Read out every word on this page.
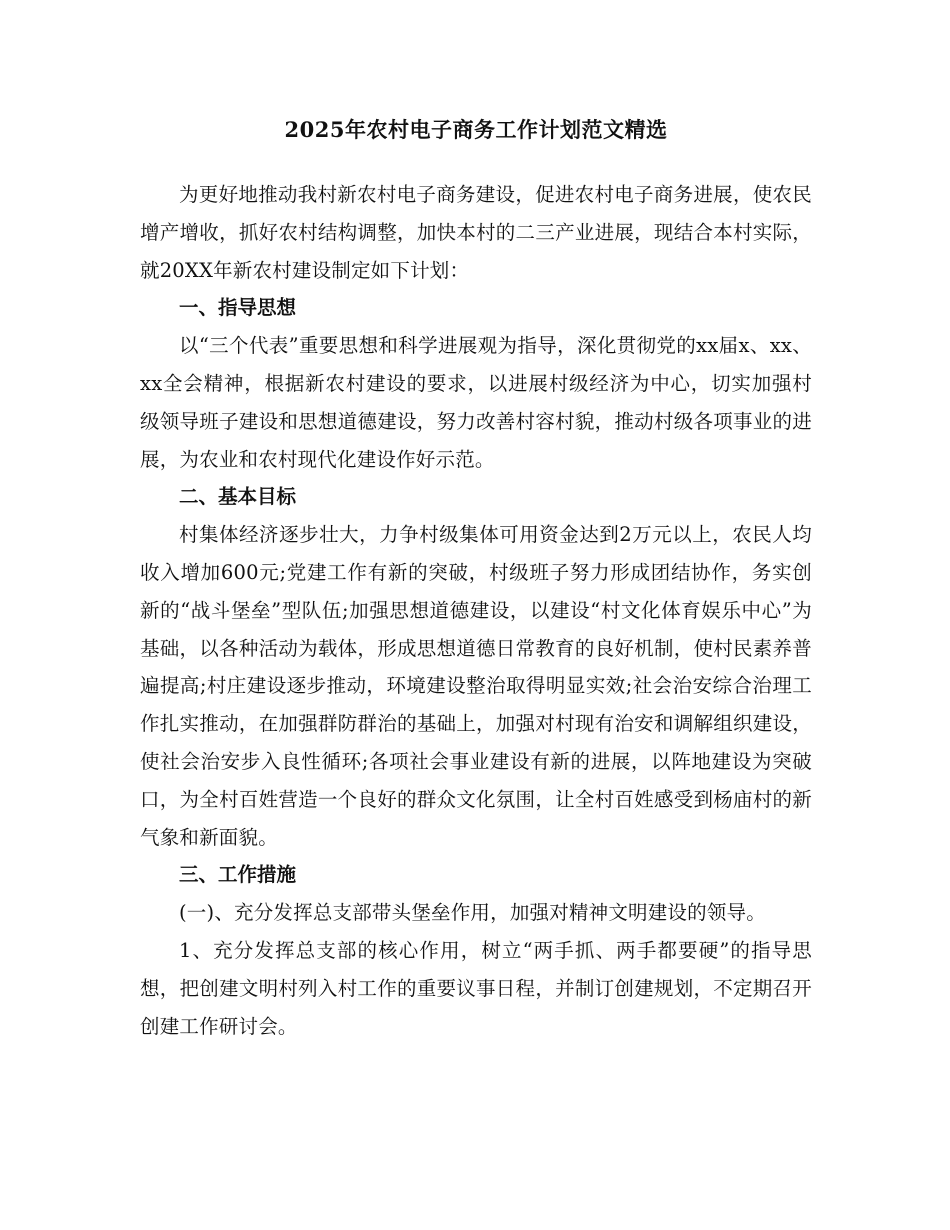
2025年农村电子商务工作计划范文精选

为更好地推动我村新农村电子商务建设，促进农村电子商务进展，使农民增产增收，抓好农村结构调整，加快本村的二三产业进展，现结合本村实际，就20XX年新农村建设制定如下计划：

一、指导思想

以“三个代表”重要思想和科学进展观为指导，深化贯彻党的xx届x、xx、xx全会精神，根据新农村建设的要求，以进展村级经济为中心，切实加强村级领导班子建设和思想道德建设，努力改善村容村貌，推动村级各项事业的进展，为农业和农村现代化建设作好示范。

二、基本目标

村集体经济逐步壮大，力争村级集体可用资金达到2万元以上，农民人均收入增加600元;党建工作有新的突破，村级班子努力形成团结协作，务实创新的“战斗堡垒”型队伍;加强思想道德建设，以建设“村文化体育娱乐中心”为基础，以各种活动为载体，形成思想道德日常教育的良好机制，使村民素养普遍提高;村庄建设逐步推动，环境建设整治取得明显实效;社会治安综合治理工作扎实推动，在加强群防群治的基础上，加强对村现有治安和调解组织建设，使社会治安步入良性循环;各项社会事业建设有新的进展，以阵地建设为突破口，为全村百姓营造一个良好的群众文化氛围，让全村百姓感受到杨庙村的新气象和新面貌。

三、工作措施

(一)、充分发挥总支部带头堡垒作用，加强对精神文明建设的领导。

1、充分发挥总支部的核心作用，树立“两手抓、两手都要硬”的指导思想，把创建文明村列入村工作的重要议事日程，并制订创建规划，不定期召开创建工作研讨会。
